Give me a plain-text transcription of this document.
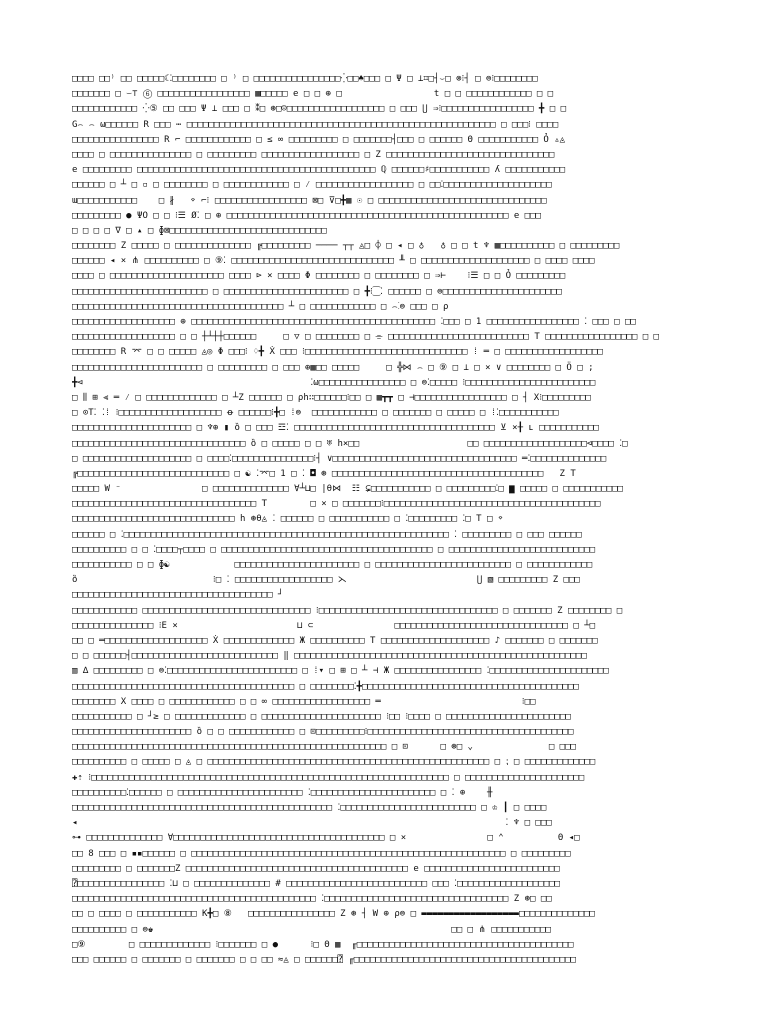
□□□□ □□⁾ □□ □□□□□☾⁚□□□□□□□□ □ ⁾ □ □□□□□□□□□□□□□□□□⁛□□♠□□□ □ Ψ □ ⊥⌗□┤⌣□ ⊗⁝┤ □ ⊜⁝□□□□□□□□
□□□□□□□ □ ⌣⊤ ⑥ □□□□□□□□□□□□□□□□□ ▦□□□□□ e □ □ ⊕ □                 t □ □ □□□□□□□□□□□□ □ □
□□□□□□□□□□□□ ⁛⑤ □□ □□□ Ψ ⊥ □□□ □ ⁑□ ⊛□☺□□□□□□□□□□□□□□□□□□ □ □□□ ⋃ ⇒⁝□□□□□□□□□□□□□□□□□ ╋ □ □
G⌢ ⌢ ω□□□□□□ R □□□ ⋯ □□□□□□□□□□□□□□□□□□□□□□□□□□□□□□□□□□□□□□□□□□□□□□□□□□□□□□□□□ □ □□□⁝ □□□□
□□□□□□□□□□□□□□□□ R ⌐ □□□□□□□□□□□□ □ ≤ ∞ □□□□□□□□□ □ □□□□□□□┤□□□ □ □□□□□□ Θ □□□□□□□□□□□ Ỏ ▵◬
□□□□ □ □□□□□□□□□□□□□□□ □ □□□□□□□□□ □□□□□□□□□□□□□□□□□□ □ Z □□□□□□□□□□□□□□□□□□□□□□□□□□□□□□□
e □□□□□□□□□ □□□□□□□□□□□□□□□□□□□□□□□□□□□□□□□□□□□□□□□□□□□□ ℚ □□□□□□♯□□□□□□□□□□□ ʎ □□□□□□□□□□□
□□□□□□ □ ┴ □ ▫ □ □□□□□□□□ □ □□□□□□□□□□□□ □ ⁄ □□□□□□□□□□□□□□□□□□ □ □□⁚□□□□□□□□□□□□□□□□□□□□
ɯ□□□□□□□□□□□    □ ∦   ⌔ ⌐⁝ □□□□□□□□□□□□□□□□□ ⊠□ ⊽□╋▦ ☉ □ □□□□□□□□□□□□□□□□□□□□□□□□□□□□□□□
□□□□□□□□□ ● ΨO □ □ ⁝☰ Ø⁚ □ ⊕ □□□□□□□□□□□□□□□□□□□□□□□□□□□□□□□□□□□□□□□□□□□□□□□□□□□□ e □□□
□ □ □ □ ∇ □ ▴ □ ɸ⊠□□□□□□□□□□□□□□□□□□□□□□□□□□□□□
□□□□□□□□ Z □□□□□ □ □□□□□□□□□□□□□□ ╔□□□□□□□□□ ──── ┬┬ ◬□ ⌽ □ ◂ □ ♁   ♁ □ □ t ♆ ▦□□□□□□□□□□ □ □□□□□□□□□
□□□□□□ ◂ × ⋔ □□□□□□□□□□ □ ⑨⁚ □□□□□□□□□□□□□□□□□□□□□□□□□□□□□□ ╨ □ □□□□□□□□□□□□□□□□□□□□ □ □□□□ □□□□
□□□□ □ □□□□□□□□□□□□□□□□□□□□□ □□□□ ⊳ × □□□□ Φ □□□□□□□□ □ □□□□□□□□ □ ⇒⊢    ⁝☰ □ □ Ỏ □□□□□□□□□
□□□□□□□□□□□□□□□□□□□□□□□□□ □ □□□□□□□□□□□□□□□□□□□□□□□ □ ╋⁝⁐⁚ □□□□□□ □ ⊜□□□□□□□□□□□□□□□□□□□□□□
□□□□□□□□□□□□□□□□□□□□□□□□□□□□□□□□□□□□□□□ ┴ □ □□□□□□□□□□□□ □ ⌢⁚⊜ □□□ □ ρ
□□□□□□□□□□□□□□□□□□□ ⊕ □□□□□□□□□□□□□□□□□□□□□□□□□□□□□□□□□□□□□□□□□□□□□ ⁚□□□ □ 1 □□□□□□□□□□□□□□□□□ ⁚ □□□ □ □□
□□□□□□□□□□□□□□□□□□□ □ □ ┼┴┼┼□□□□□□     □ ▽ □ □□□□□□□□ □ ⌯ □□□□□□□□□□□□□□□□□□□□□□□□□□ T □□□□□□□□□□□□□□□□□ □ □
□□□□□□□□ R ⌤ □ □ □□□□□ ◬◎ Φ □□□⁝ ♢╋ Ẋ □□□ ⁝□□□□□□□□□□□□□□□□□□□□□□□□□□□□□□ ⁞ ═ □ □□□□□□□□□□□□□□□□□□
□□□□□□□□□□□□□□□□□□□□□□□□ □ □□□□□□□□□ □ □□□ ⊕▦□□ □□□□□     □ ╬⋈ ⌢ □ ⑨ □ ⊥ □ × ∨ □□□□□□□□ □ Ö □ ;
╋⊲                                          ⁚ω□□□□□□□□□□□□□□□□ □ ⊜⁚□□□□□ ⁝□□□□□□□□□□□□□□□□□□□□□□□□
□ ⫼ ⊞ ⫷ ═ ⁄ □ □□□□□□□□□□□□□ □ ┴Z □□□□□□ □ ρh∷□□□□□□⁝□□ □ ▦┳┳ □ ⊣□□□□□□□□□□□□□□□□□ □ ┤ X⁝□□□□□□□□□
□ ⊙T⁚ ⁚⁞ ⁝□□□□□□□□□□□□□□□□□□□ ꝋ □□□□□□⁝╋□ ⁞⊜  □□□□□□□□□□□□ □ □□□□□□□ □ □□□□□ □ ⁞⁚□□□□□□□□□□□
□□□□□□□□□□□□□□□□□□□□□□ □ ♆⊕ ▮ ȍ □ □□□ ☲⁚ □□□□□□□□□□□□□□□□□□□□□□□□□□□□□□□□□□□□□ ⊻ ×╂ ʟ □□□□□□□□□□□
□□□□□□□□□□□□□□□□□□□□□□□□□□□□□□□□ ȍ □ □□□□□ □ □ ♅ h⨯□□                    □□ □□□□□□□□□□□□□□□□□□□⊲□□□□ ⁚□
□ □□□□□□□□□□□□□□□□□□□□ □ □□□□⁚□□□□□□□□□□□□□□□⁝┤ ∨□□□□□□□□□□□□□□□□□□□□□□□□□□□□□□□□□□ ═⁚□□□□□□□□□□□□□□
╔□□□□□□□□□□□□□□□□□□□□□□□□□□□□ □ ☯ ⁚⌤□ 1 □ ⁚ ◘ ⊛ □□□□□□□□□□□□□□□□□□□□□□□□□□□□□□□□□□□□□□□   Z T
□□□□□ W ⁻               □ □□□□□□□□□□□□□□ ∀┴⊔□ |θ⋈  ☷ ⊊□□□□□□□□□□□ □ □□□□□□□□□⁚□ ▆ □□□□□ □ □□□□□□□□□□□
□□□□□□□□□□□□□□□□□□□□□□□□□□□□□□□□□□ T        □ × □ □□□□□□□⁝□□□□□□□□□□□□□□□□□□□□□□□□□□□□□□□□□□□□□□□□
□□□□□□□□□□□□□□□□□□□□□□□□□□□□□□ h ⊛θ◬ ⁚ □□□□□□ □ □□□□□□□□□□□ □ ⁚□□□□□□□□□ ⁚□ T □ ⌔
□□□□□□ □ ⁚□□□□□□□□□□□□□□□□□□□□□□□□□□□□□□□□□□□□□□□□□□□□□□□□□□□□□□□□□□□□ ⁚ □□□□□□□□□ □ □□□ □□□□□□
□□□□□□□□□□ □ □ ⁚□□□□┬□□□□ □ □□□□□□□□□□□□□□□□□□□□□□□□□□□□□□□□□□□□□□□ □ □□□□□□□□□□□□□□□□□□□□□□□□□□□
□□□□□□□□□□□ □ □ ɸ☯            □□□□□□□□□□□□□□□□□□□□□□□ □ □□□□□□□□□□□□□□□□□□□□□□□□□ □ □□□□□□□□□□□□
ȍ                         ⁝□ ⁚ □□□□□□□□□□□□□□□□□□ ⋋                        ⋃ ▧ □□□□□□□□□ Z □□□
□□□□□□□□□□□□□□□□□□□□□□□□□□□□□□□□□□□□□ ┘
□□□□□□□□□□□□ □□□□□□□□□□□□□□□□□□□□□□□□□□□□□□□ ⁝□□□□□□□□□□□□□□□□□□□□□□□□□□□□□□□□□ □ □□□□□□□ Z □□□□□□□□ □
□□□□□□□□□□□□□□□ ⁝E ×                      ⊔ ⊂               □□□□□□□□□□□□□□□□□□□□□□□□□□□□□□□□ □ ┴□
□□ □ ═□□□□□□□□□□□□□□□□□□□ Ẋ □□□□□□□□□□□□□ Ж □□□□□□□□□□ T □□□□□□□□□□□□□□□□□□□□ ♪ □□□□□□□ □ □□□□□□□
□ □ □□□□□□┤□□□□□□□□□□□□□□□□□□□□□□□□□□□ ‖ □□□□□□□□□□□□□□□□□□□□□□□□□□□□□□□□□□□□□□□□□□□□□□□□□□□□□□
▥ ∆ □□□□□□□□□ □ ⊜⁚□□□□□□□□□□□□□□□□□□□□□□□□ □ ⁞▾ □ ⊞ □ ┴ ⊣ Ж □□□□□□□□□□□□□□□□ ⁚□□□□□□□□□□□□□□□□□□□□□□
□□□□□□□□□□□□□□□□□□□□□□□□□□□□□□□□□□□□□□□□□ □ □□□□□□□□⁚╋□□□□□□□□□□□□□□□□□□□□□□□□□□□□□□□□□□□□□□□□
□□□□□□□□ X □□□□ □ □□□□□□□□□□□□ □ □ ∞ □□□□□□□□□□□□□□□□□□ ═                          ⁝□□
□□□□□□□□□□□ □ ┘≥ □ □□□□□□□□□□□□□ □ □□□□□□□□□□□□□□□□□□□□□□ ⁝□□ ⁝□□□□ □ □□□□□□□□□□□□□□□□□□□□□□□
□□□□□□□□□□□□□□□□□□□□□□ ȍ □ □ □□□□□□□□□□□□ □ ⊡□□□□□□□□□⁝□□□□□□□□□□□□□□□□□□□□□□□□□□□□□□□□□□□□□□
□□□□□□□□□□□□□□□□□□□□□□□□□□□□□□□□□□□□□□□□□□□□□□□□□□□□□□□□□□ □ ⊡      □ ⊛□ ⌄              □ □□□
□□□□□□□□□□ □ □□□□□ □ ◬ □ □□□□□□□□□□□□□□□□□□□□□□□□□□□□□□□□□□□□□□□□□□□□□□□□□□□□ □ ⁏ □ □□□□□□□□□□□□□
✚⇡ ⁝□□□□□□□□□□□□□□□□□□□□□□□□□□□□□□□□□□□□□□□□□□□□□□□□□□□□□□□□□□□□□□□□□□ □ □□□□□□□□□□□□□□□□□□□□□□
□□□□□□□□□□⁚□□□□□□ □ □□□□□□□□□□□□□□□□□□□□□□□ ⁚□□□□□□□□□□□□□□□□□□□□□□□ □ ⁚ ⊕    ╫
□□□□□□□□□□□□□□□□□□□□□□□□□□□□□□□□□□□□□□□□□□□□□□□□ ⁚□□□□□□□□□□□□□□□□□□□□□□□□□ □ ♔ ┃ □ □□□□
◂                                                                               ⁚ ♆ □ □□□
⊶ □□□□□□□□□□□□□□ ∀□□□□□□□□□□□□□□□□□□□□□□□□□□□□□□□□□□□□□□□ □ ×               □ ⌃          Θ ◂□
□□ 8 □□□ □ ▪▪□□□□□□ □ □□□□□□□□□□□□□□□□□□□□□□□□□□□□□□□□□□□□□□□□□□□□□□□□□□□□□□□□□□ □ □□□□□□□□□
□□□□□□□□□ □ □□□□□□□Z □□□□□□□□□□□□□□□□□□□□□□□□□□□□□□□□□□□□□□□□□ e □□□□□□□□□□□□□□□□□□□□□□□□□
⍰□□□□□□□□□□□□□□□□ ⁚⊔ □ □□□□□□□□□□□□□□ # □□□□□□□□□□□□□□□□□□□□□□□□□□ □□□ ⁚□□□□□□□□□□□□□□□□□□□
□□□□□□□□□□□□□□□□□□□□□□□□□□□□□□□□□□□□□□□□□□□□□ ⁚□□□□□□□□□□□□□□□□□□□□□□□□□□□□□□□□□□ Z ⊛□ □□
□□ □ □□□□ □ □□□□□□□□□□□ K╋□ ⑧   □□□□□□□□□□□□□□□□ Z ⊛ ┤ W ⊕ ρ⊜ □ ▬▬▬▬▬▬▬▬▬▬▬▬▬▬▬▬▬▬□□□□□□□□□□□□□□
□□□□□□□□□□ □ ⊜♚                                                       □□ □ ⋔ □□□□□□□□□□□
□⑨        □ □□□□□□□□□□□□□ ⁝□□□□□□□ □ ●      ⁝□ Θ ▦  ╓□□□□□□□□□□□□□□□□□□□□□□□□□□□□□□□□□□□□□□□□
□□□ □□□□□□ □ □□□□□□□ □ □□□□□□□ □ □ □□ ≈◬ □ □□□□□□⍰ ╓□□□□□□□□□□□□□□□□□□□□□□□□□□□□□□□□□□□□□□□□□
